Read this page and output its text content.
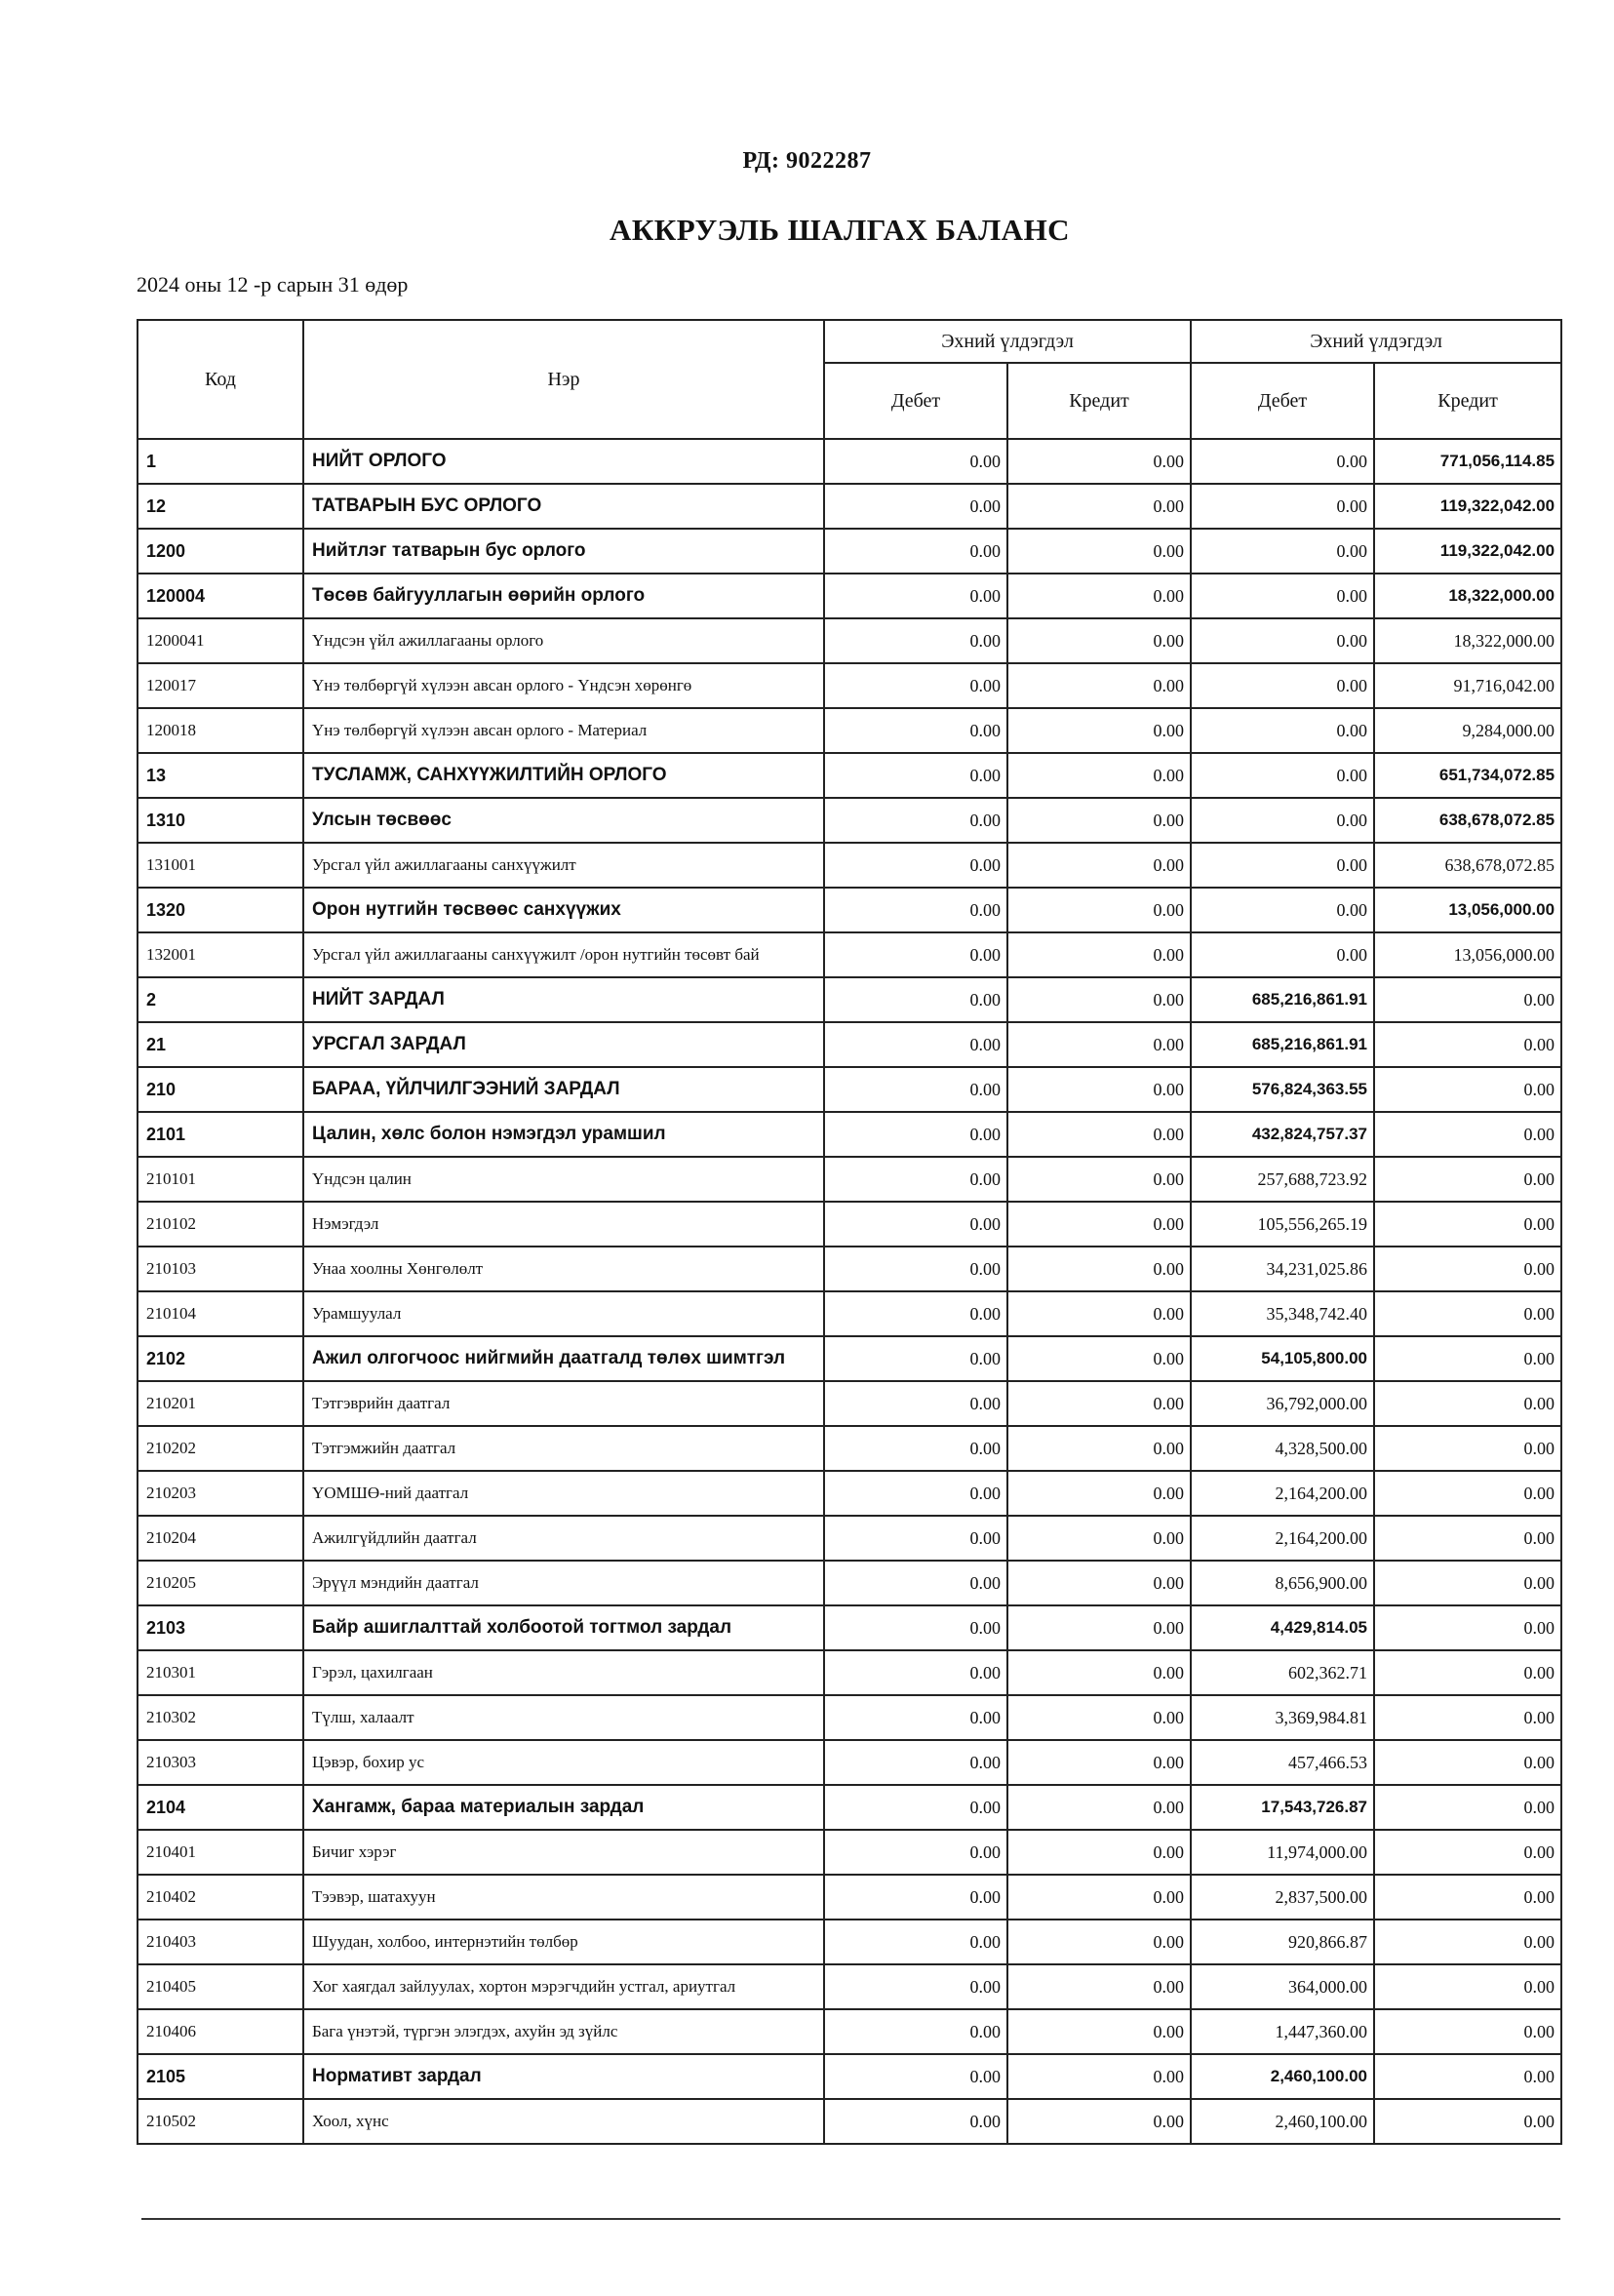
РД: 9022287
АККРУЭЛЬ ШАЛГАХ БАЛАНС
2024 оны 12 -р сарын 31 өдөр
Код	Нэр	Эхний үлдэгдэл		Эхний үлдэгдэл	
		Дебет	Кредит	Дебет	Кредит
1	НИЙТ ОРЛОГО	0.00	0.00	0.00	771,056,114.85
12	ТАТВАРЫН БУС ОРЛОГО	0.00	0.00	0.00	119,322,042.00
1200	Нийтлэг татварын бус орлого	0.00	0.00	0.00	119,322,042.00
120004	Төсөв байгууллагын өөрийн орлого	0.00	0.00	0.00	18,322,000.00
1200041	Үндсэн үйл ажиллагааны орлого	0.00	0.00	0.00	18,322,000.00
120017	Үнэ төлбөргүй хүлээн авсан орлого - Үндсэн хөрөнгө	0.00	0.00	0.00	91,716,042.00
120018	Үнэ төлбөргүй хүлээн авсан орлого - Материал	0.00	0.00	0.00	9,284,000.00
13	ТУСЛАМЖ, САНХҮҮЖИЛТИЙН ОРЛОГО	0.00	0.00	0.00	651,734,072.85
1310	Улсын төсвөөс	0.00	0.00	0.00	638,678,072.85
131001	Урсгал үйл ажиллагааны санхүүжилт	0.00	0.00	0.00	638,678,072.85
1320	Орон нутгийн төсвөөс санхүүжих	0.00	0.00	0.00	13,056,000.00
132001	Урсгал үйл ажиллагааны санхүүжилт /орон нутгийн төсөвт бай	0.00	0.00	0.00	13,056,000.00
2	НИЙТ ЗАРДАЛ	0.00	0.00	685,216,861.91	0.00
21	УРСГАЛ ЗАРДАЛ	0.00	0.00	685,216,861.91	0.00
210	БАРАА, ҮЙЛЧИЛГЭЭНИЙ ЗАРДАЛ	0.00	0.00	576,824,363.55	0.00
2101	Цалин, хөлс болон нэмэгдэл урамшил	0.00	0.00	432,824,757.37	0.00
210101	Үндсэн цалин	0.00	0.00	257,688,723.92	0.00
210102	Нэмэгдэл	0.00	0.00	105,556,265.19	0.00
210103	Унаа хоолны Хөнгөлөлт	0.00	0.00	34,231,025.86	0.00
210104	Урамшуулал	0.00	0.00	35,348,742.40	0.00
2102	Ажил олгогчоос нийгмийн даатгалд төлөх шимтгэл	0.00	0.00	54,105,800.00	0.00
210201	Тэтгэврийн даатгал	0.00	0.00	36,792,000.00	0.00
210202	Тэтгэмжийн даатгал	0.00	0.00	4,328,500.00	0.00
210203	ҮОМШӨ-ний даатгал	0.00	0.00	2,164,200.00	0.00
210204	Ажилгүйдлийн даатгал	0.00	0.00	2,164,200.00	0.00
210205	Эрүүл мэндийн даатгал	0.00	0.00	8,656,900.00	0.00
2103	Байр ашиглалттай холбоотой тогтмол зардал	0.00	0.00	4,429,814.05	0.00
210301	Гэрэл, цахилгаан	0.00	0.00	602,362.71	0.00
210302	Түлш, халаалт	0.00	0.00	3,369,984.81	0.00
210303	Цэвэр, бохир ус	0.00	0.00	457,466.53	0.00
2104	Хангамж, бараа материалын зардал	0.00	0.00	17,543,726.87	0.00
210401	Бичиг хэрэг	0.00	0.00	11,974,000.00	0.00
210402	Тээвэр, шатахуун	0.00	0.00	2,837,500.00	0.00
210403	Шуудан, холбоо, интернэтийн төлбөр	0.00	0.00	920,866.87	0.00
210405	Хог хаягдал зайлуулах, хортон мэрэгчдийн устгал, ариутгал	0.00	0.00	364,000.00	0.00
210406	Бага үнэтэй, түргэн элэгдэх, ахуйн эд зүйлс	0.00	0.00	1,447,360.00	0.00
2105	Нормативт зардал	0.00	0.00	2,460,100.00	0.00
210502	Хоол, хүнс	0.00	0.00	2,460,100.00	0.00
